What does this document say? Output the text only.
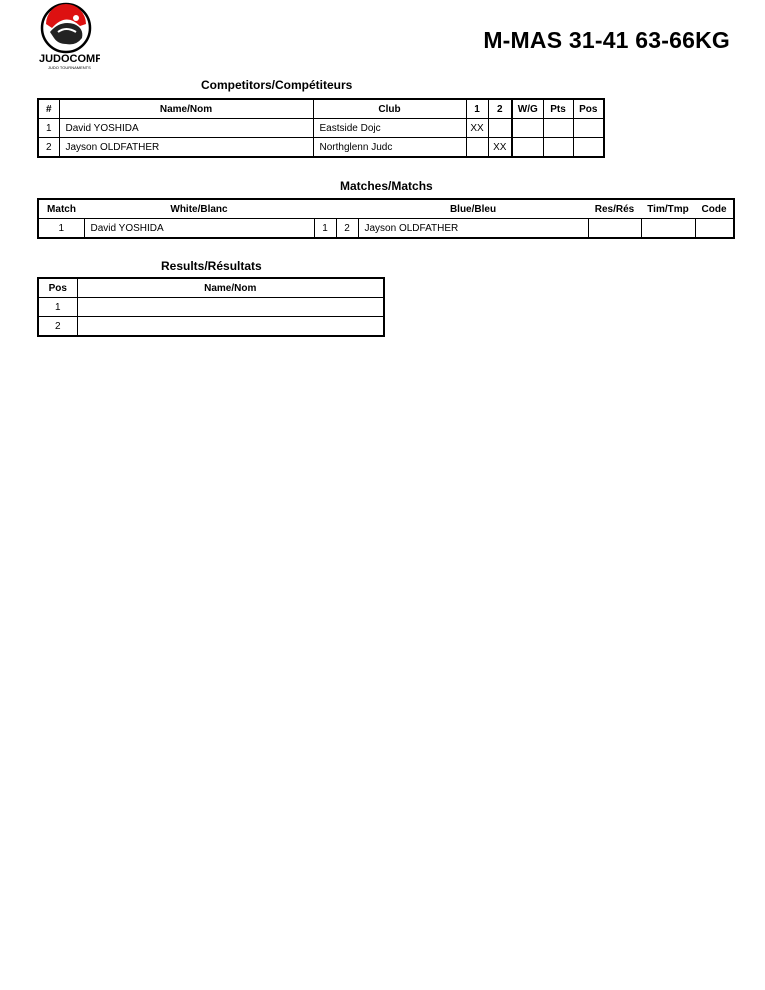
JUDOCOMP
JUDO TOURNAMENTS
M-MAS 31-41 63-66KG
Competitors/Compétiteurs
#	Name/Nom	Club	1	2	W/G	Pts	Pos
1	David YOSHIDA	Eastside Dojc	XX				
2	Jayson OLDFATHER	Northglenn Judc		XX			
Matches/Matchs
Match	White/Blanc			Blue/Bleu	Res/Rés	Tim/Tmp	Code
1	David YOSHIDA	1	2	Jayson OLDFATHER			
Results/Résultats
Pos	Name/Nom
1	
2	
